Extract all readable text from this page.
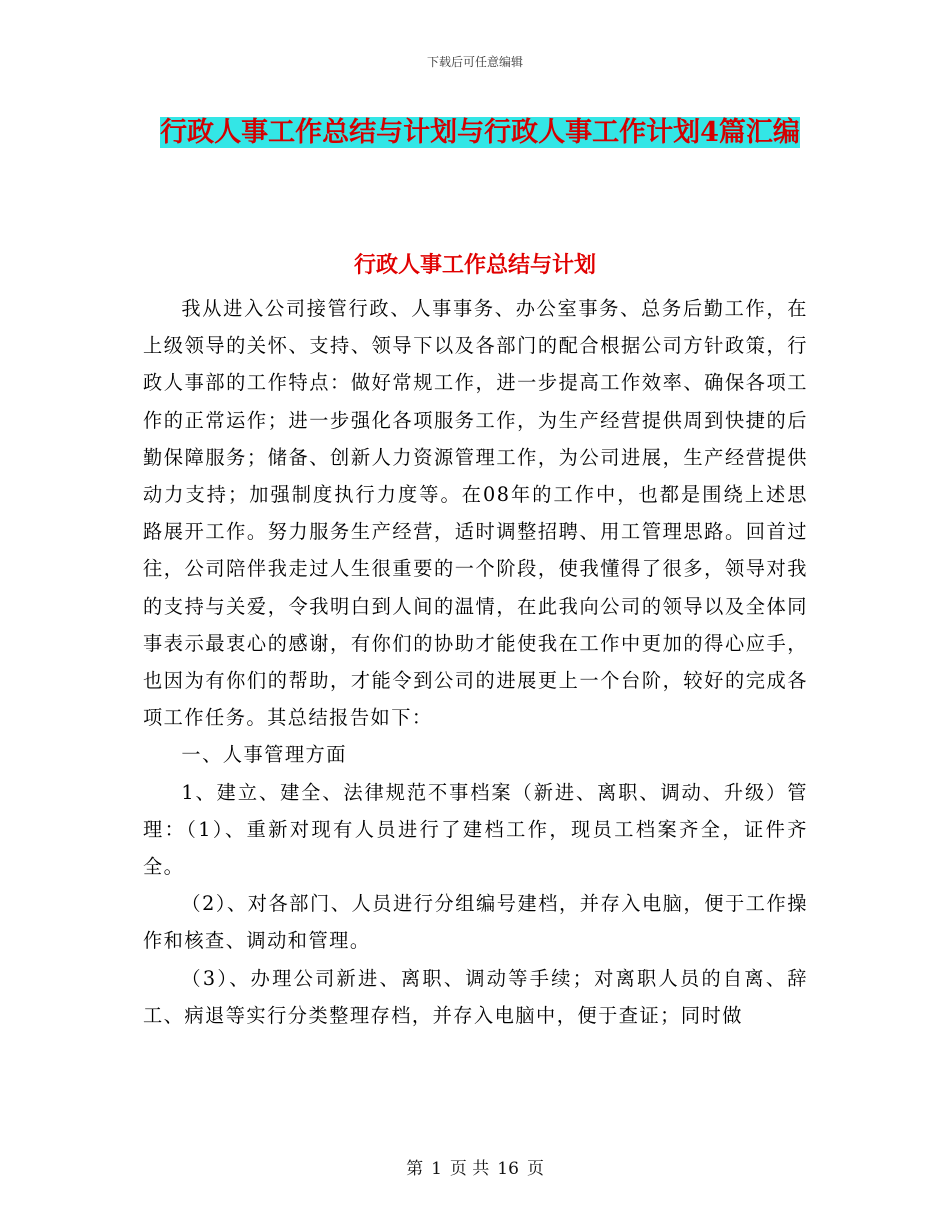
下载后可任意编辑
行政人事工作总结与计划与行政人事工作计划4篇汇编
行政人事工作总结与计划

我从进入公司接管行政、人事事务、办公室事务、总务后勤工作，在上级领导的关怀、支持、领导下以及各部门的配合根据公司方针政策，行政人事部的工作特点：做好常规工作，进一步提高工作效率、确保各项工作的正常运作；进一步强化各项服务工作，为生产经营提供周到快捷的后勤保障服务；储备、创新人力资源管理工作，为公司进展，生产经营提供动力支持；加强制度执行力度等。在08年的工作中，也都是围绕上述思路展开工作。努力服务生产经营，适时调整招聘、用工管理思路。回首过往，公司陪伴我走过人生很重要的一个阶段，使我懂得了很多，领导对我的支持与关爱，令我明白到人间的温情，在此我向公司的领导以及全体同事表示最衷心的感谢，有你们的协助才能使我在工作中更加的得心应手，也因为有你们的帮助，才能令到公司的进展更上一个台阶，较好的完成各项工作任务。其总结报告如下：

一、人事管理方面

1、建立、建全、法律规范不事档案（新进、离职、调动、升级）管理：（1）、重新对现有人员进行了建档工作，现员工档案齐全，证件齐全。

（2）、对各部门、人员进行分组编号建档，并存入电脑，便于工作操作和核查、调动和管理。

（3）、办理公司新进、离职、调动等手续；对离职人员的自离、辞工、病退等实行分类整理存档，并存入电脑中，便于查证；同时做

第 1 页 共 16 页
